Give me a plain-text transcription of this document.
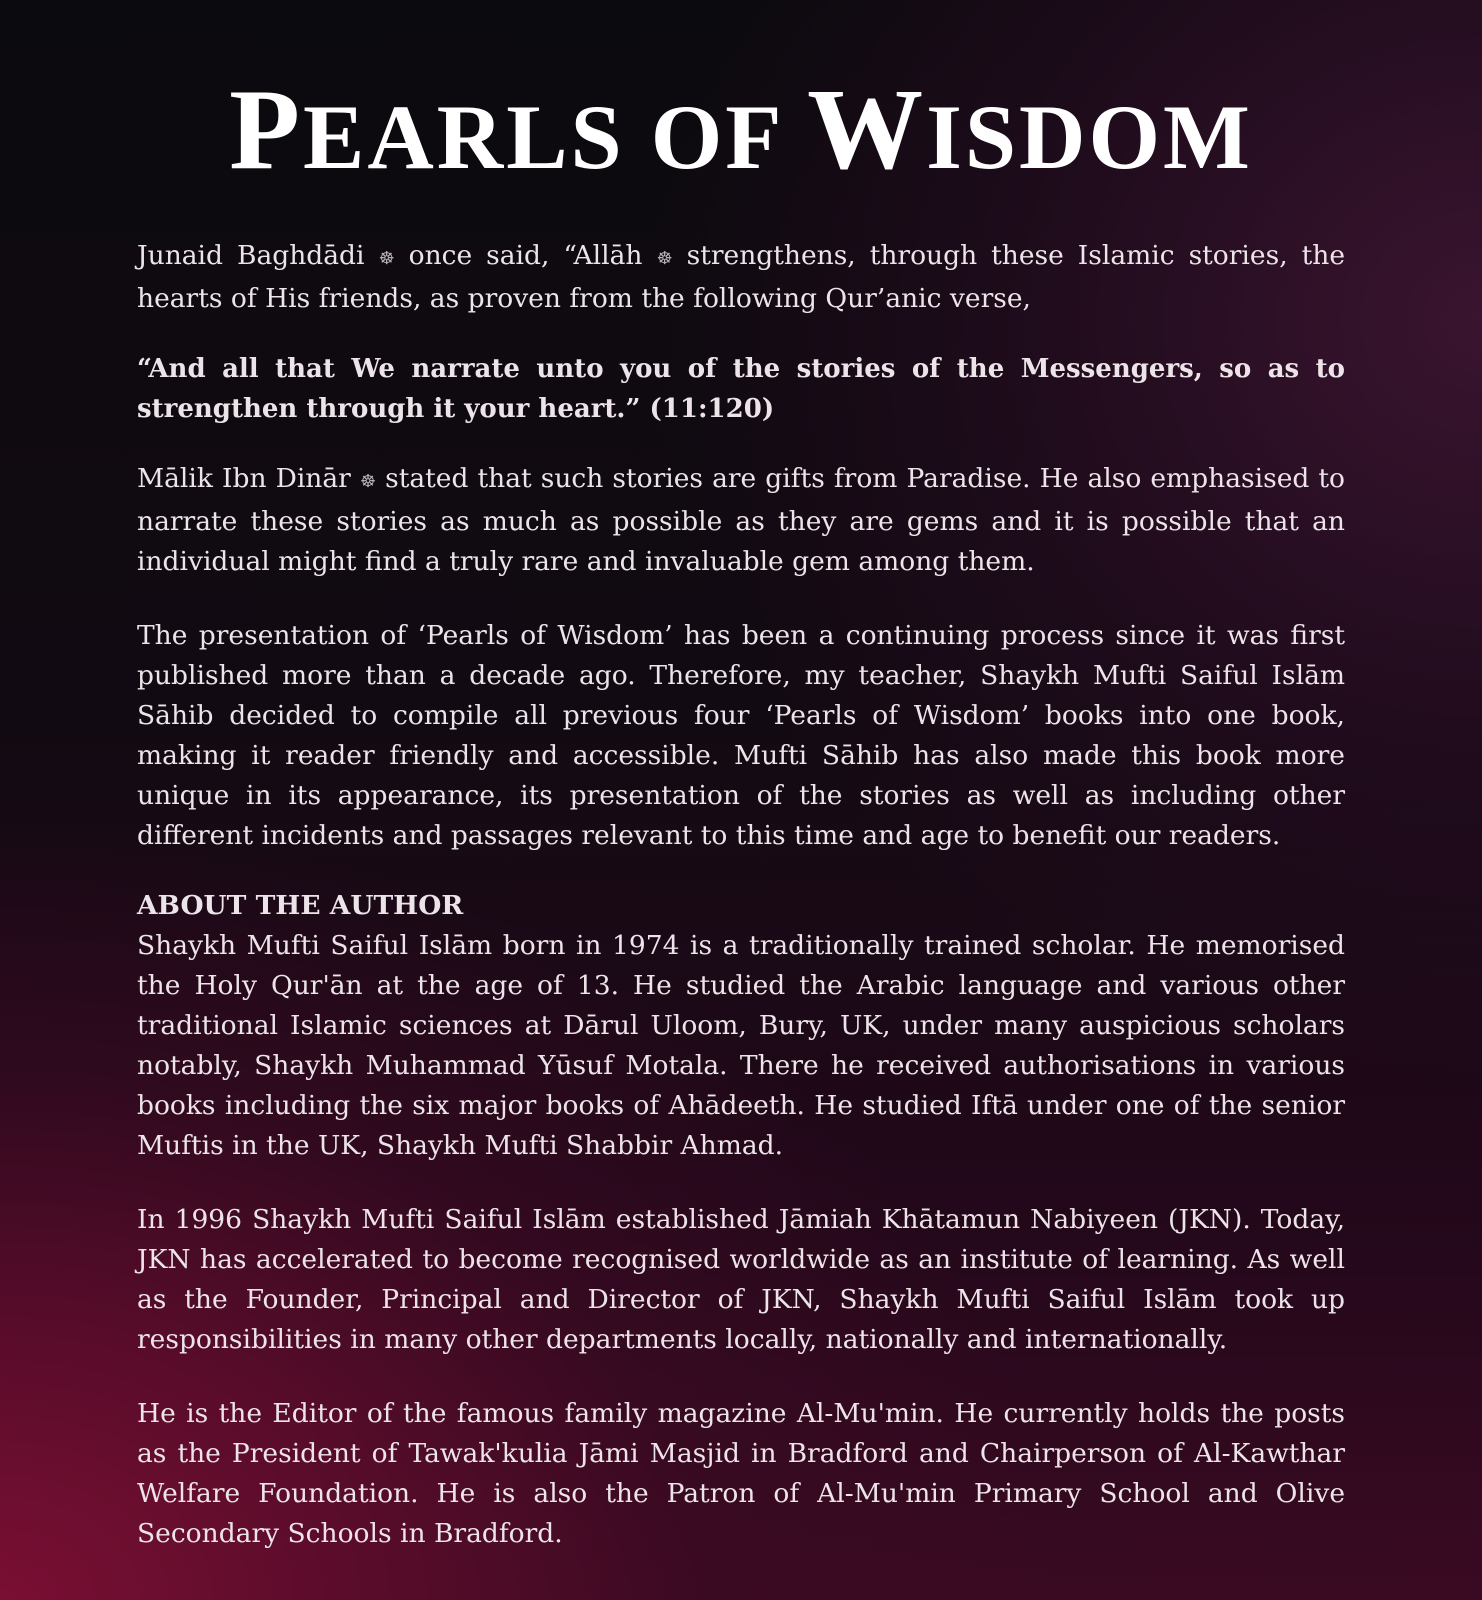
PEARLS OF WISDOM

Junaid Baghdādi ☸ once said, “Allāh ☸ strengthens, through these Islamic stories, the hearts of His friends, as proven from the following Qur’anic verse,

“And all that We narrate unto you of the stories of the Messengers, so as to strengthen through it your heart.” (11:120)

Mālik Ibn Dinār ☸ stated that such stories are gifts from Paradise. He also emphasised to narrate these stories as much as possible as they are gems and it is possible that an individual might find a truly rare and invaluable gem among them.

The presentation of ‘Pearls of Wisdom’ has been a continuing process since it was first published more than a decade ago. Therefore, my teacher, Shaykh Mufti Saiful Islām Sāhib decided to compile all previous four ‘Pearls of Wisdom’ books into one book, making it reader friendly and accessible. Mufti Sāhib has also made this book more unique in its appearance, its presentation of the stories as well as including other different incidents and passages relevant to this time and age to benefit our readers.

ABOUT THE AUTHOR

Shaykh Mufti Saiful Islām born in 1974 is a traditionally trained scholar. He memorised the Holy Qur'ān at the age of 13. He studied the Arabic language and various other traditional Islamic sciences at Dārul Uloom, Bury, UK, under many auspicious scholars notably, Shaykh Muhammad Yūsuf Motala. There he received authorisations in various books including the six major books of Ahādeeth. He studied Iftā under one of the senior Muftis in the UK, Shaykh Mufti Shabbir Ahmad.

In 1996 Shaykh Mufti Saiful Islām established Jāmiah Khātamun Nabiyeen (JKN). Today, JKN has accelerated to become recognised worldwide as an institute of learning. As well as the Founder, Principal and Director of JKN, Shaykh Mufti Saiful Islām took up responsibilities in many other departments locally, nationally and internationally.

He is the Editor of the famous family magazine Al-Mu'min. He currently holds the posts as the President of Tawak'kulia Jāmi Masjid in Bradford and Chairperson of Al-Kawthar Welfare Foundation. He is also the Patron of Al-Mu'min Primary School and Olive Secondary Schools in Bradford.
